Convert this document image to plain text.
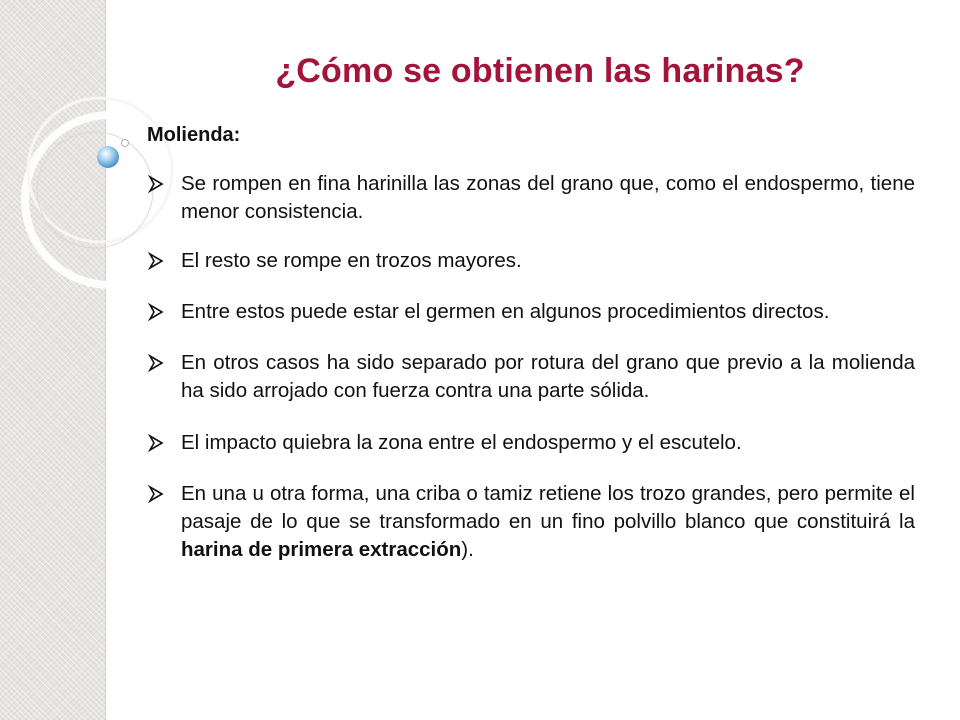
¿Cómo se obtienen las harinas?

Molienda:

Se rompen en fina harinilla las zonas del grano que, como el endospermo, tiene menor consistencia.
El resto se rompe en trozos mayores.
Entre estos puede estar el germen en algunos procedimientos directos.
En otros casos ha sido separado por rotura del grano que previo a la molienda ha sido arrojado con fuerza contra una parte sólida.
El impacto quiebra la zona entre el endospermo y el escutelo.
En una u otra forma, una criba o tamiz retiene los trozo grandes, pero permite el pasaje de lo que se transformado en un fino polvillo blanco que constituirá la harina de primera extracción).
